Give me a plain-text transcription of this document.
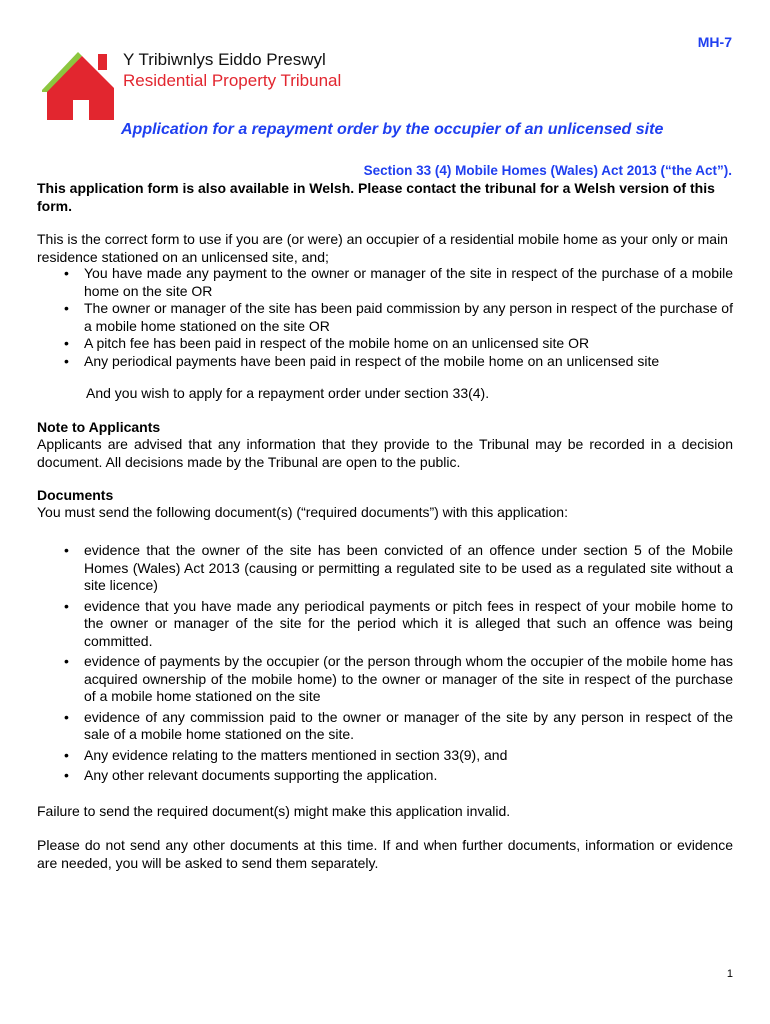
MH-7
Y Tribiwnlys Eiddo Preswyl
Residential Property Tribunal
Application for a repayment order by the occupier of an unlicensed site
Section 33 (4) Mobile Homes (Wales) Act 2013 (“the Act”).
This application form is also available in Welsh. Please contact the tribunal for a Welsh version of this form.
This is the correct form to use if you are (or were) an occupier of a residential mobile home as your only or main residence stationed on an unlicensed site, and;
• You have made any payment to the owner or manager of the site in respect of the purchase of a mobile home on the site OR
• The owner or manager of the site has been paid commission by any person in respect of the purchase of a mobile home stationed on the site OR
• A pitch fee has been paid in respect of the mobile home on an unlicensed site OR
• Any periodical payments have been paid in respect of the mobile home on an unlicensed site
And you wish to apply for a repayment order under section 33(4).
Note to Applicants
Applicants are advised that any information that they provide to the Tribunal may be recorded in a decision document. All decisions made by the Tribunal are open to the public.
Documents
You must send the following document(s) (“required documents”) with this application:
• evidence that the owner of the site has been convicted of an offence under section 5 of the Mobile Homes (Wales) Act 2013 (causing or permitting a regulated site to be used as a regulated site without a site licence)
• evidence that you have made any periodical payments or pitch fees in respect of your mobile home to the owner or manager of the site for the period which it is alleged that such an offence was being committed.
• evidence of payments by the occupier (or the person through whom the occupier of the mobile home has acquired ownership of the mobile home) to the owner or manager of the site in respect of the purchase of a mobile home stationed on the site
• evidence of any commission paid to the owner or manager of the site by any person in respect of the sale of a mobile home stationed on the site.
• Any evidence relating to the matters mentioned in section 33(9), and
• Any other relevant documents supporting the application.
Failure to send the required document(s) might make this application invalid.
Please do not send any other documents at this time. If and when further documents, information or evidence are needed, you will be asked to send them separately.
1
